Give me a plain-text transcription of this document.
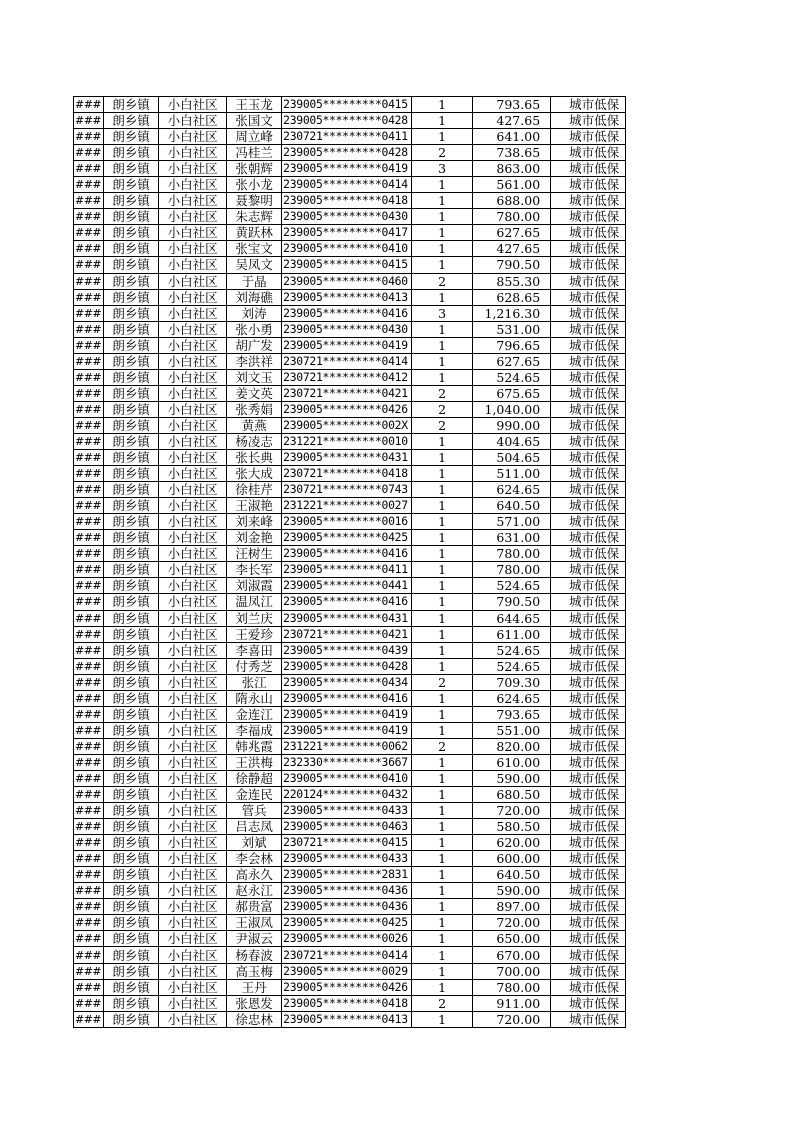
###	朗乡镇	小白社区	王玉龙	239005*********0415	1	793.65	城市低保
###	朗乡镇	小白社区	张国文	239005*********0428	1	427.65	城市低保
###	朗乡镇	小白社区	周立峰	230721*********0411	1	641.00	城市低保
###	朗乡镇	小白社区	冯桂兰	239005*********0428	2	738.65	城市低保
###	朗乡镇	小白社区	张朝辉	239005*********0419	3	863.00	城市低保
###	朗乡镇	小白社区	张小龙	239005*********0414	1	561.00	城市低保
###	朗乡镇	小白社区	聂黎明	239005*********0418	1	688.00	城市低保
###	朗乡镇	小白社区	朱志辉	239005*********0430	1	780.00	城市低保
###	朗乡镇	小白社区	黄跃林	239005*********0417	1	627.65	城市低保
###	朗乡镇	小白社区	张宝文	239005*********0410	1	427.65	城市低保
###	朗乡镇	小白社区	吴凤文	239005*********0415	1	790.50	城市低保
###	朗乡镇	小白社区	于晶	239005*********0460	2	855.30	城市低保
###	朗乡镇	小白社区	刘海礁	239005*********0413	1	628.65	城市低保
###	朗乡镇	小白社区	刘涛	239005*********0416	3	1,216.30	城市低保
###	朗乡镇	小白社区	张小勇	239005*********0430	1	531.00	城市低保
###	朗乡镇	小白社区	胡广发	239005*********0419	1	796.65	城市低保
###	朗乡镇	小白社区	李洪祥	230721*********0414	1	627.65	城市低保
###	朗乡镇	小白社区	刘文玉	230721*********0412	1	524.65	城市低保
###	朗乡镇	小白社区	姜文英	230721*********0421	2	675.65	城市低保
###	朗乡镇	小白社区	张秀娟	239005*********0426	2	1,040.00	城市低保
###	朗乡镇	小白社区	黄燕	239005*********002X	2	990.00	城市低保
###	朗乡镇	小白社区	杨凌志	231221*********0010	1	404.65	城市低保
###	朗乡镇	小白社区	张长典	239005*********0431	1	504.65	城市低保
###	朗乡镇	小白社区	张大成	230721*********0418	1	511.00	城市低保
###	朗乡镇	小白社区	徐桂芹	230721*********0743	1	624.65	城市低保
###	朗乡镇	小白社区	王淑艳	231221*********0027	1	640.50	城市低保
###	朗乡镇	小白社区	刘来峰	239005*********0016	1	571.00	城市低保
###	朗乡镇	小白社区	刘金艳	239005*********0425	1	631.00	城市低保
###	朗乡镇	小白社区	汪树生	239005*********0416	1	780.00	城市低保
###	朗乡镇	小白社区	李长军	239005*********0411	1	780.00	城市低保
###	朗乡镇	小白社区	刘淑霞	239005*********0441	1	524.65	城市低保
###	朗乡镇	小白社区	温凤江	239005*********0416	1	790.50	城市低保
###	朗乡镇	小白社区	刘兰庆	239005*********0431	1	644.65	城市低保
###	朗乡镇	小白社区	王爱珍	230721*********0421	1	611.00	城市低保
###	朗乡镇	小白社区	李喜田	239005*********0439	1	524.65	城市低保
###	朗乡镇	小白社区	付秀芝	239005*********0428	1	524.65	城市低保
###	朗乡镇	小白社区	张江	239005*********0434	2	709.30	城市低保
###	朗乡镇	小白社区	隋永山	239005*********0416	1	624.65	城市低保
###	朗乡镇	小白社区	金连江	239005*********0419	1	793.65	城市低保
###	朗乡镇	小白社区	李福成	239005*********0419	1	551.00	城市低保
###	朗乡镇	小白社区	韩兆霞	231221*********0062	2	820.00	城市低保
###	朗乡镇	小白社区	王洪梅	232330*********3667	1	610.00	城市低保
###	朗乡镇	小白社区	徐静超	239005*********0410	1	590.00	城市低保
###	朗乡镇	小白社区	金连民	220124*********0432	1	680.50	城市低保
###	朗乡镇	小白社区	管兵	239005*********0433	1	720.00	城市低保
###	朗乡镇	小白社区	吕志凤	239005*********0463	1	580.50	城市低保
###	朗乡镇	小白社区	刘斌	230721*********0415	1	620.00	城市低保
###	朗乡镇	小白社区	李会林	239005*********0433	1	600.00	城市低保
###	朗乡镇	小白社区	高永久	239005*********2831	1	640.50	城市低保
###	朗乡镇	小白社区	赵永江	239005*********0436	1	590.00	城市低保
###	朗乡镇	小白社区	郝贵富	239005*********0436	1	897.00	城市低保
###	朗乡镇	小白社区	王淑凤	239005*********0425	1	720.00	城市低保
###	朗乡镇	小白社区	尹淑云	239005*********0026	1	650.00	城市低保
###	朗乡镇	小白社区	杨春波	230721*********0414	1	670.00	城市低保
###	朗乡镇	小白社区	高玉梅	239005*********0029	1	700.00	城市低保
###	朗乡镇	小白社区	王丹	239005*********0426	1	780.00	城市低保
###	朗乡镇	小白社区	张恩发	239005*********0418	2	911.00	城市低保
###	朗乡镇	小白社区	徐忠林	239005*********0413	1	720.00	城市低保
